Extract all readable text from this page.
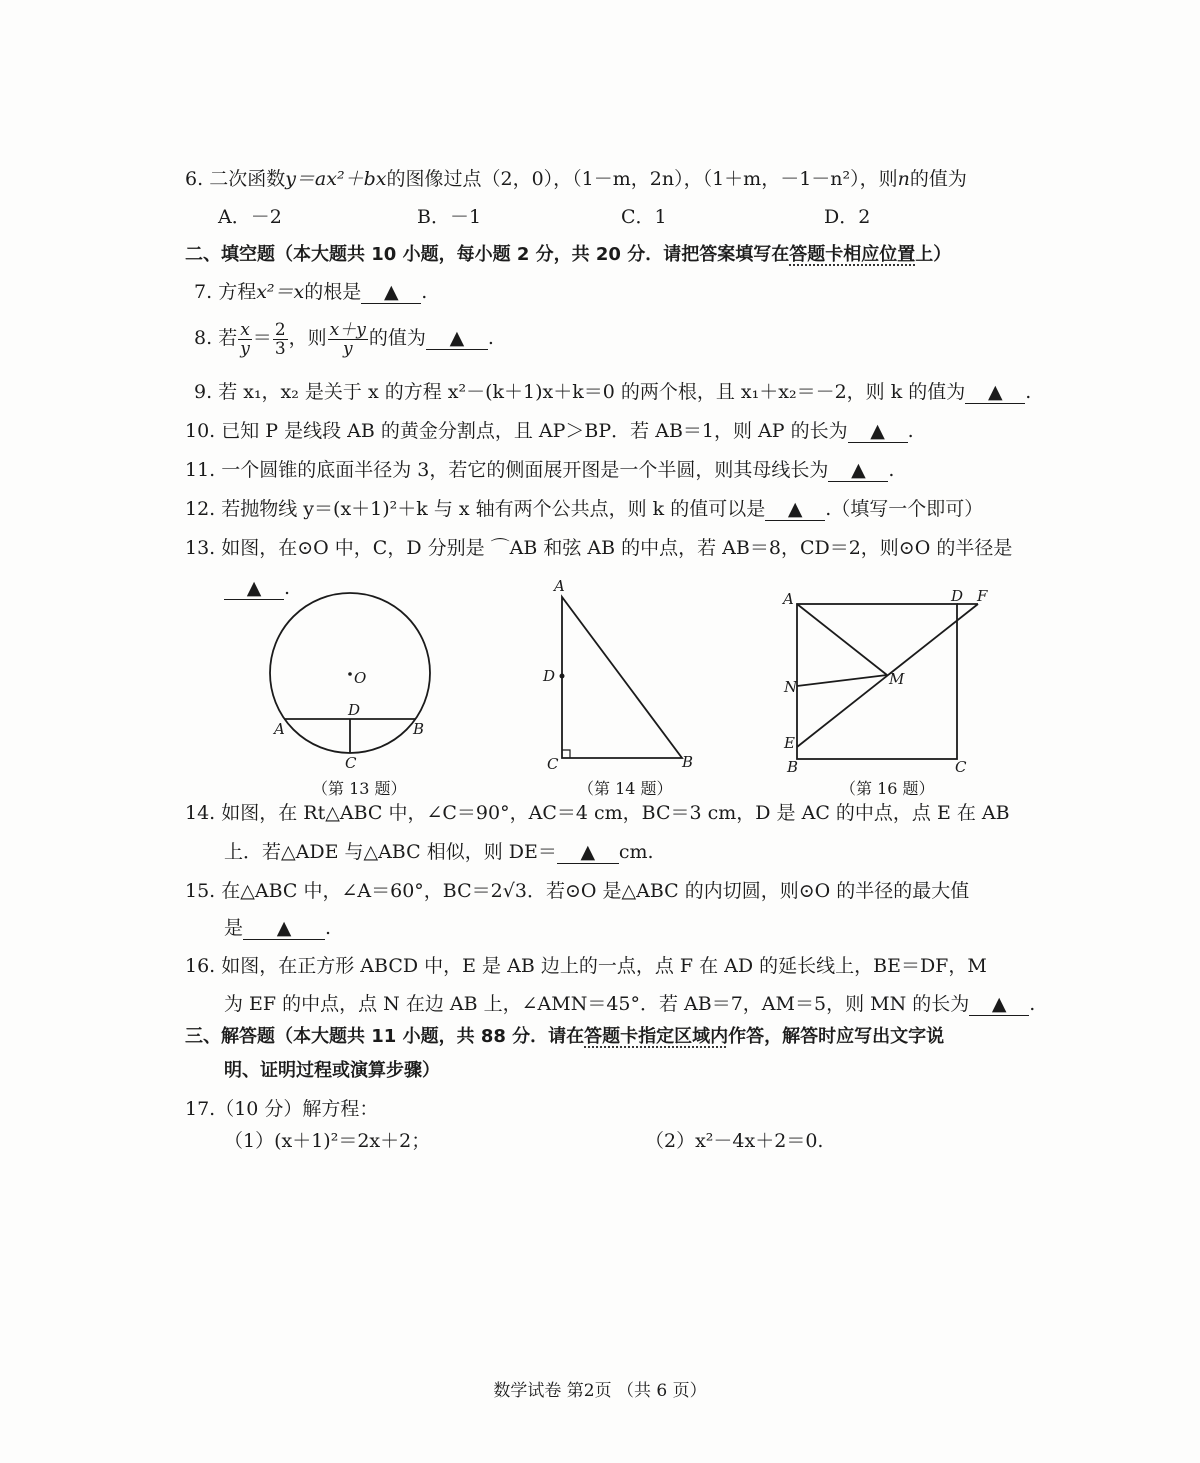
6. 二次函数y＝ax²＋bx的图像过点（2，0），（1－m，2n），（1＋m，－1－n²），则n的值为
A．－2	B．－1	C．1	D．2
二、填空题（本大题共 10 小题，每小题 2 分，共 20 分．请把答案填写在答题卡相应位置上）
7. 方程x²＝x的根是 ▲ .
8. 若 $\frac{x}{y} = \frac{2}{3}$ ，则 $\frac{x+y}{y}$ 的值为 ▲ .
9. 若 x₁，x₂ 是关于 x 的方程 x²－(k＋1)x＋k＝0 的两个根，且 x₁＋x₂＝－2，则 k 的值为 ▲ .
10. 已知 P 是线段 AB 的黄金分割点，且 AP＞BP．若 AB＝1，则 AP 的长为 ▲ .
11. 一个圆锥的底面半径为 3，若它的侧面展开图是一个半圆，则其母线长为 ▲ .
12. 若抛物线 y＝(x＋1)²＋k 与 x 轴有两个公共点，则 k 的值可以是 ▲ .（填写一个即可）
13. 如图，在⊙O 中，C，D 分别是 ⌒AB 和弦 AB 的中点，若 AB＝8，CD＝2，则⊙O 的半径是
▲ .
O
A	B
C
D
（第 13 题）
A
B
C
D
（第 14 题）
A
B	C
D
E
F
M
N
（第 16 题）
14. 如图，在 Rt△ABC 中，∠C＝90°，AC＝4 cm，BC＝3 cm，D 是 AC 的中点，点 E 在 AB
上．若△ADE 与△ABC 相似，则 DE＝ ▲ cm.
15. 在△ABC 中，∠A＝60°，BC＝2√3．若⊙O 是△ABC 的内切圆，则⊙O 的半径的最大值
是 ▲ .
16. 如图，在正方形 ABCD 中，E 是 AB 边上的一点，点 F 在 AD 的延长线上，BE＝DF，M
为 EF 的中点，点 N 在边 AB 上，∠AMN＝45°．若 AB＝7，AM＝5，则 MN 的长为 ▲ .
三、解答题（本大题共 11 小题，共 88 分．请在答题卡指定区域内作答，解答时应写出文字说
明、证明过程或演算步骤）
17.（10 分）解方程：
（1）(x＋1)²＝2x＋2；	（2）x²－4x＋2＝0.
数学试卷 第2页 （共 6 页）
